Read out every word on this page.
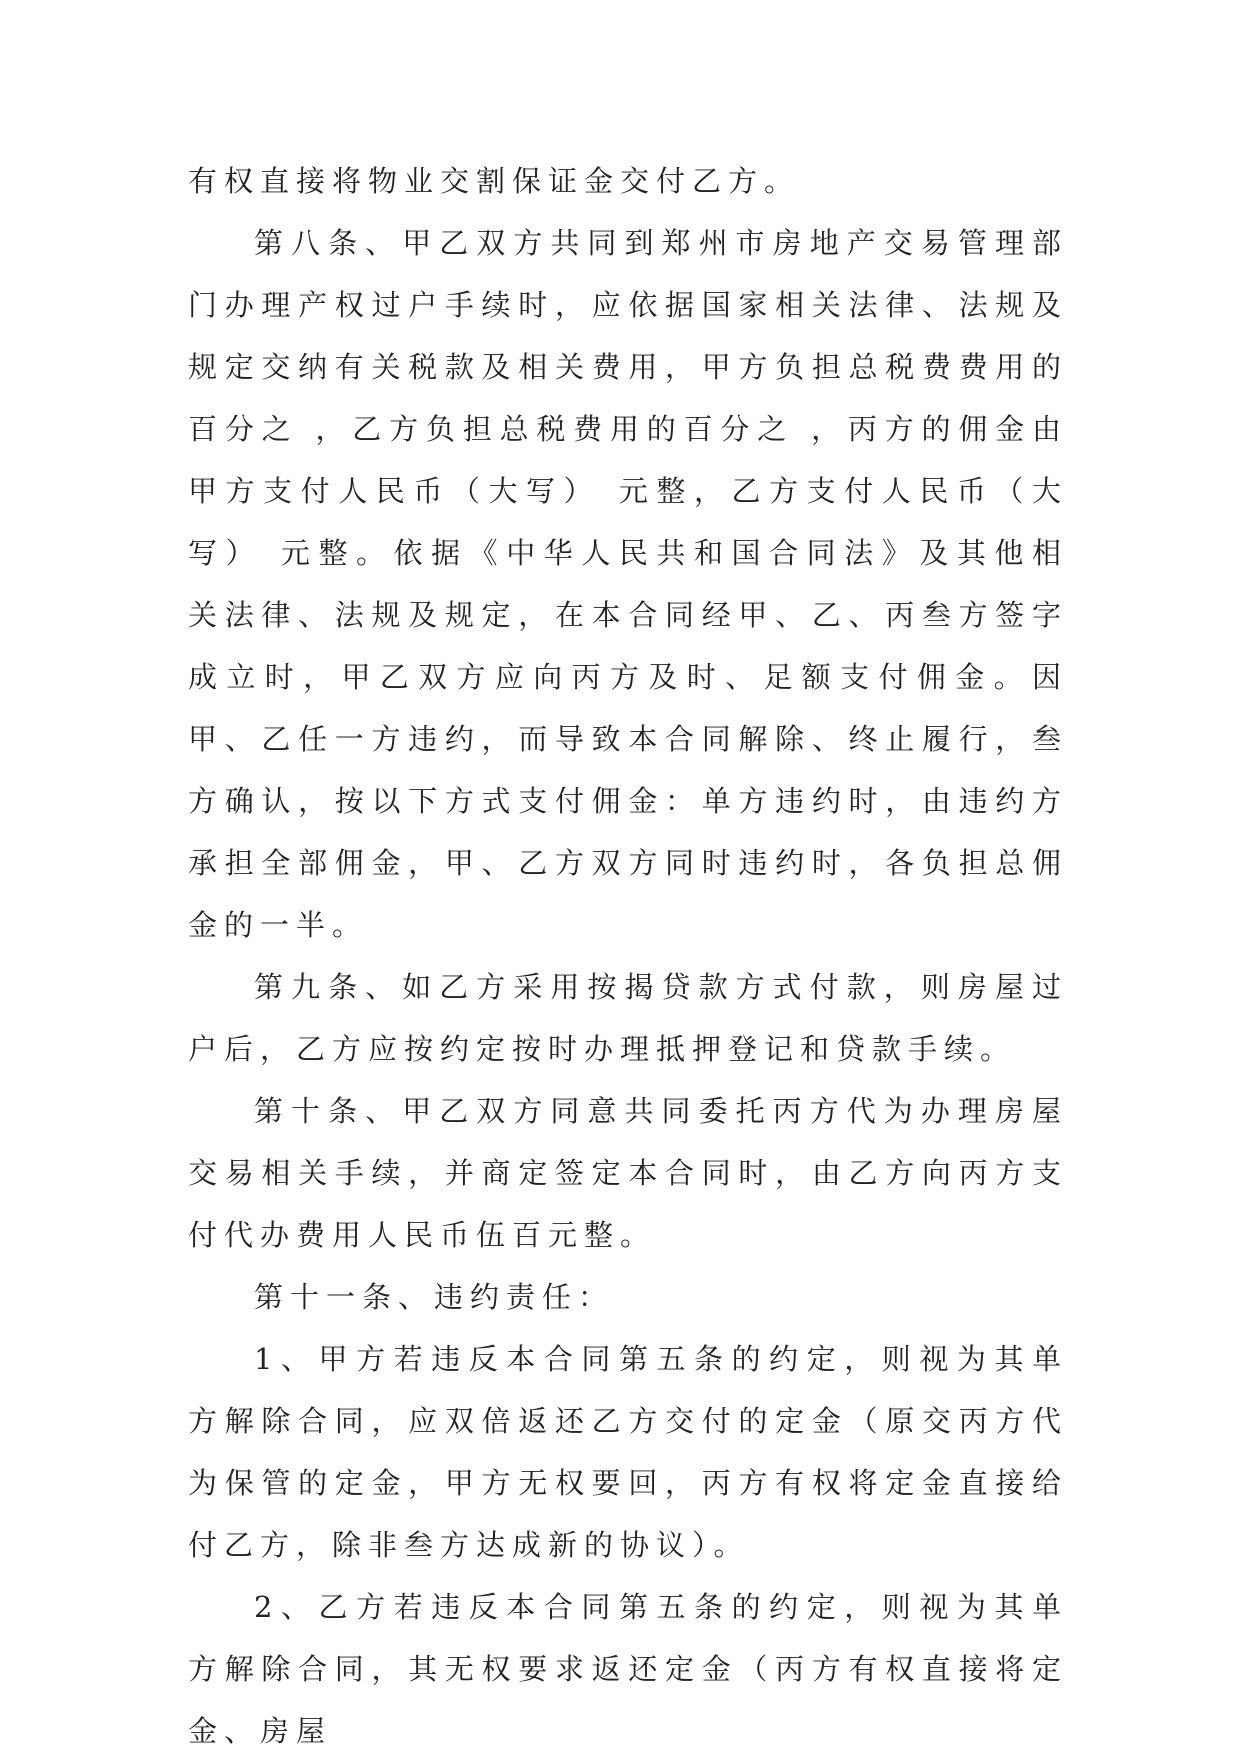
有权直接将物业交割保证金交付乙方。

第八条、甲乙双方共同到郑州市房地产交易管理部门办理产权过户手续时，应依据国家相关法律、法规及规定交纳有关税款及相关费用，甲方负担总税费费用的百分之 ，乙方负担总税费用的百分之 ，丙方的佣金由甲方支付人民币（大写） 元整，乙方支付人民币（大写） 元整。依据《中华人民共和国合同法》及其他相关法律、法规及规定，在本合同经甲、乙、丙叁方签字成立时，甲乙双方应向丙方及时、足额支付佣金。因甲、乙任一方违约，而导致本合同解除、终止履行，叁方确认，按以下方式支付佣金：单方违约时，由违约方承担全部佣金，甲、乙方双方同时违约时，各负担总佣金的一半。

第九条、如乙方采用按揭贷款方式付款，则房屋过户后，乙方应按约定按时办理抵押登记和贷款手续。

第十条、甲乙双方同意共同委托丙方代为办理房屋交易相关手续，并商定签定本合同时，由乙方向丙方支付代办费用人民币伍百元整。

第十一条、违约责任：

1、甲方若违反本合同第五条的约定，则视为其单方解除合同，应双倍返还乙方交付的定金（原交丙方代为保管的定金，甲方无权要回，丙方有权将定金直接给付乙方，除非叁方达成新的协议）。

2、乙方若违反本合同第五条的约定，则视为其单方解除合同，其无权要求返还定金（丙方有权直接将定金、房屋
